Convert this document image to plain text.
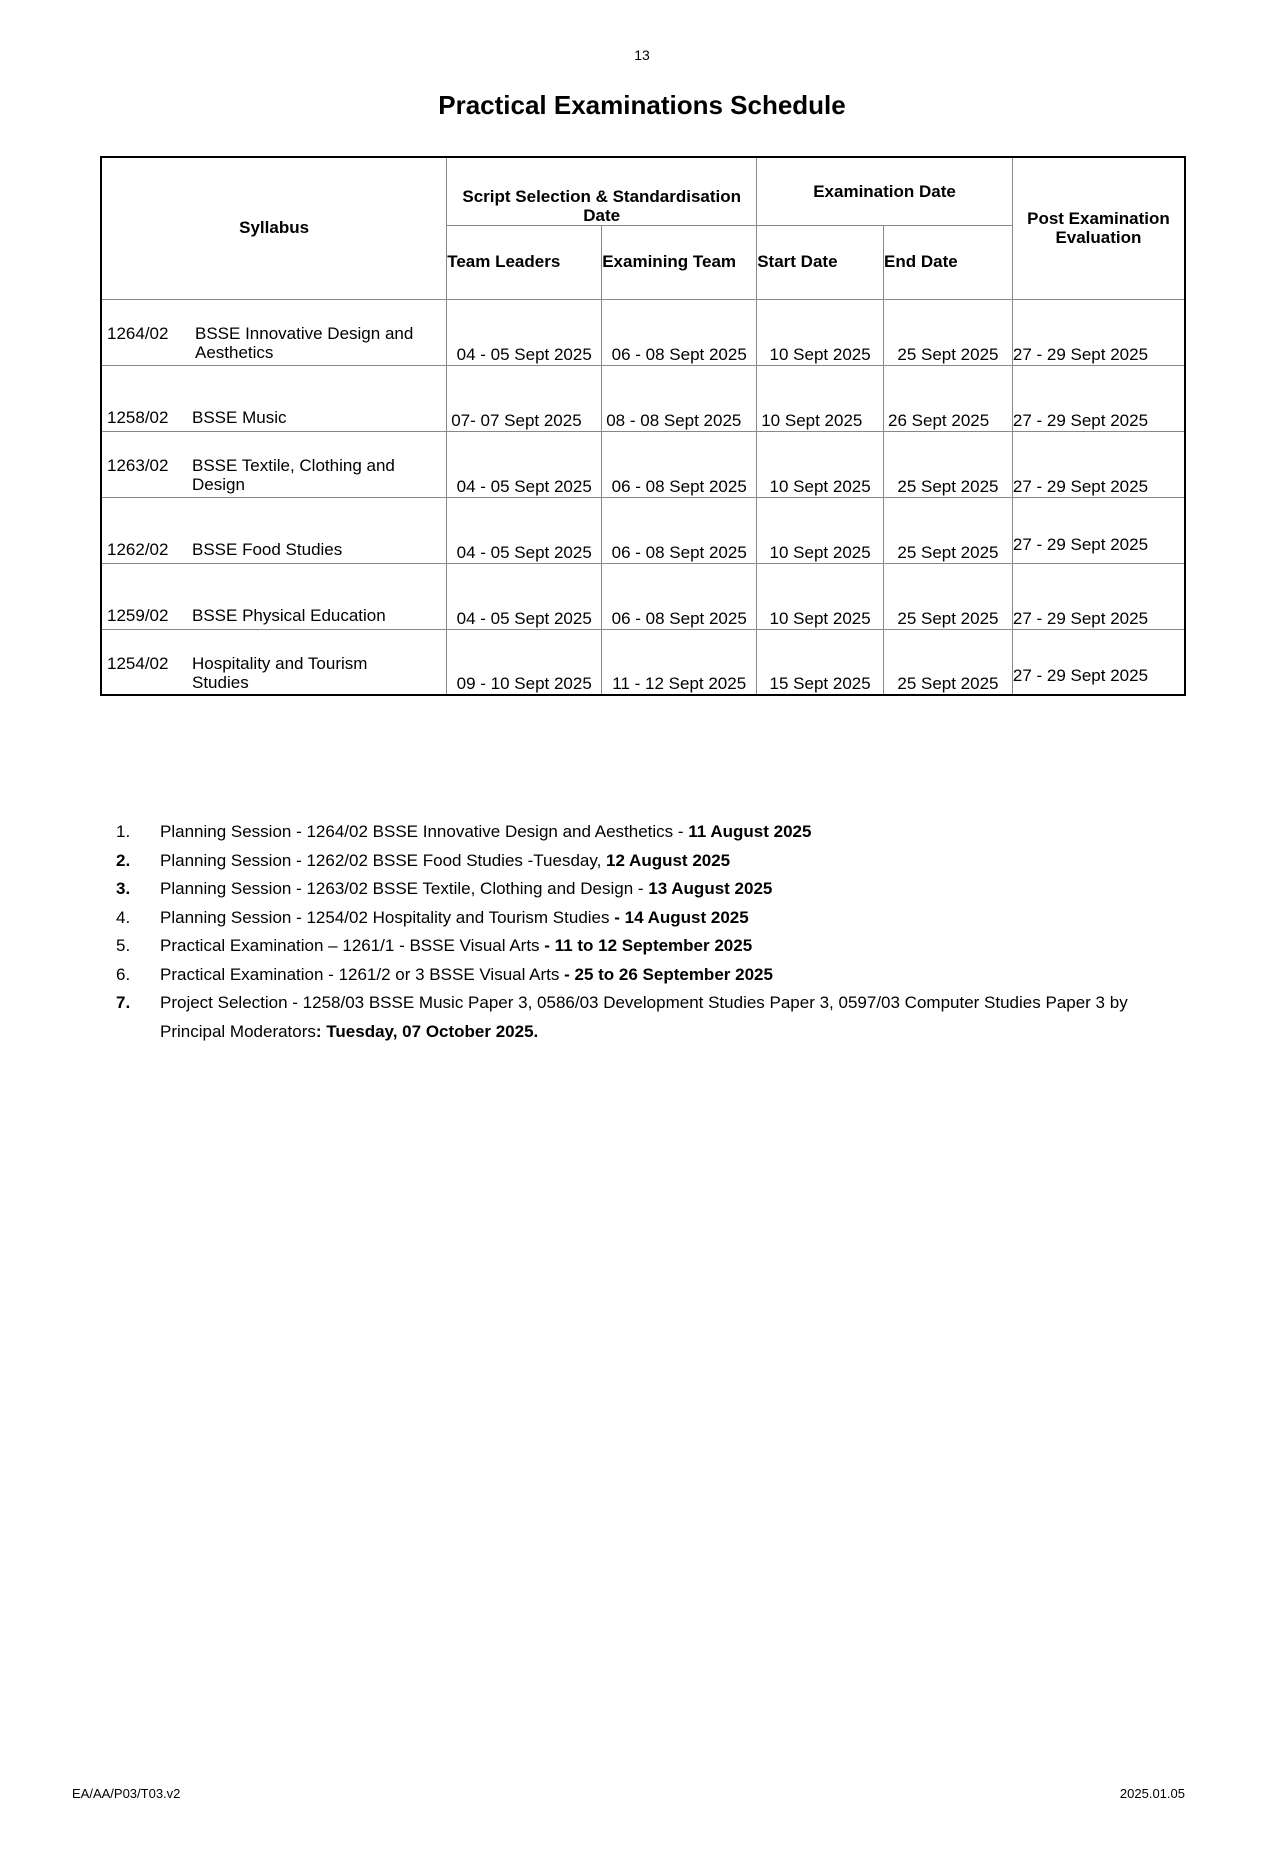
13
Practical Examinations Schedule
Syllabus	Script Selection & Standardisation Date		Examination Date		Post Examination Evaluation
	Team Leaders	Examining Team	Start Date	End Date	

1264/02 BSSE Innovative Design and Aesthetics	04 - 05 Sept 2025	06 - 08 Sept 2025	10 Sept 2025	25 Sept 2025	27 - 29 Sept 2025

1258/02 BSSE Music	07- 07 Sept 2025	08 - 08 Sept 2025	10 Sept 2025	26 Sept 2025	27 - 29 Sept 2025

1263/02 BSSE Textile, Clothing and Design	04 - 05 Sept 2025	06 - 08 Sept 2025	10 Sept 2025	25 Sept 2025	27 - 29 Sept 2025

1262/02 BSSE Food Studies	04 - 05 Sept 2025	06 - 08 Sept 2025	10 Sept 2025	25 Sept 2025	27 - 29 Sept 2025

1259/02 BSSE Physical Education	04 - 05 Sept 2025	06 - 08 Sept 2025	10 Sept 2025	25 Sept 2025	27 - 29 Sept 2025

1254/02 Hospitality and Tourism Studies	09 - 10 Sept 2025	11 - 12 Sept 2025	15 Sept 2025	25 Sept 2025	27 - 29 Sept 2025
1. Planning Session - 1264/02 BSSE Innovative Design and Aesthetics - 11 August 2025
2. Planning Session - 1262/02 BSSE Food Studies -Tuesday, 12 August 2025
3. Planning Session - 1263/02 BSSE Textile, Clothing and Design - 13 August 2025
4. Planning Session - 1254/02 Hospitality and Tourism Studies - 14 August 2025
5. Practical Examination – 1261/1 - BSSE Visual Arts - 11 to 12 September 2025
6. Practical Examination - 1261/2 or 3 BSSE Visual Arts - 25 to 26 September 2025
7. Project Selection - 1258/03 BSSE Music Paper 3, 0586/03 Development Studies Paper 3, 0597/03 Computer Studies Paper 3 by Principal Moderators: Tuesday, 07 October 2025.
EA/AA/P03/T03.v2	2025.01.05
